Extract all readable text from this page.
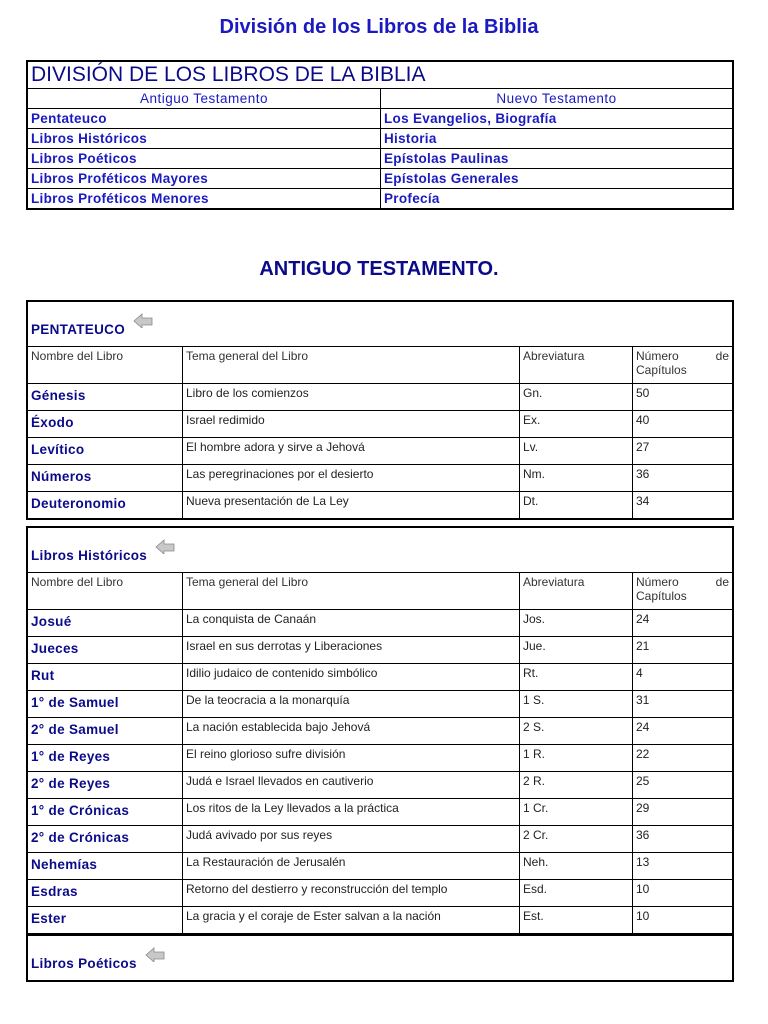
División de los Libros de la Biblia
DIVISIÓN DE LOS LIBROS DE LA BIBLIA	
Antiguo Testamento	Nuevo Testamento
Pentateuco	Los Evangelios, Biografía
Libros Históricos	Historia
Libros Poéticos	Epístolas Paulinas
Libros Proféticos Mayores	Epístolas Generales
Libros Proféticos Menores	Profecía
ANTIGUO TESTAMENTO.
PENTATEUCO			
Nombre del Libro	Tema general del Libro	Abreviatura	Número de
Capítulos
Génesis	Libro de los comienzos	Gn.	50
Éxodo	Israel redimido	Ex.	40
Levítico	El hombre adora y sirve a Jehová	Lv.	27
Números	Las peregrinaciones por el desierto	Nm.	36
Deuteronomio	Nueva presentación de La Ley	Dt.	34
Libros Históricos			
Nombre del Libro	Tema general del Libro	Abreviatura	Número de
Capítulos
Josué	La conquista de Canaán	Jos.	24
Jueces	Israel en sus derrotas y Liberaciones	Jue.	21
Rut	Idilio judaico de contenido simbólico	Rt.	4
1° de Samuel	De la teocracia a la monarquía	1 S.	31
2° de Samuel	La nación establecida bajo Jehová	2 S.	24
1° de Reyes	El reino glorioso sufre división	1 R.	22
2° de Reyes	Judá e Israel llevados en cautiverio	2 R.	25
1° de Crónicas	Los ritos de la Ley llevados a la práctica	1 Cr.	29
2° de Crónicas	Judá avivado por sus reyes	2 Cr.	36
Nehemías	La Restauración de Jerusalén	Neh.	13
Esdras	Retorno del destierro y reconstrucción del templo	Esd.	10
Ester	La gracia y el coraje de Ester salvan a la nación	Est.	10
Libros Poéticos
